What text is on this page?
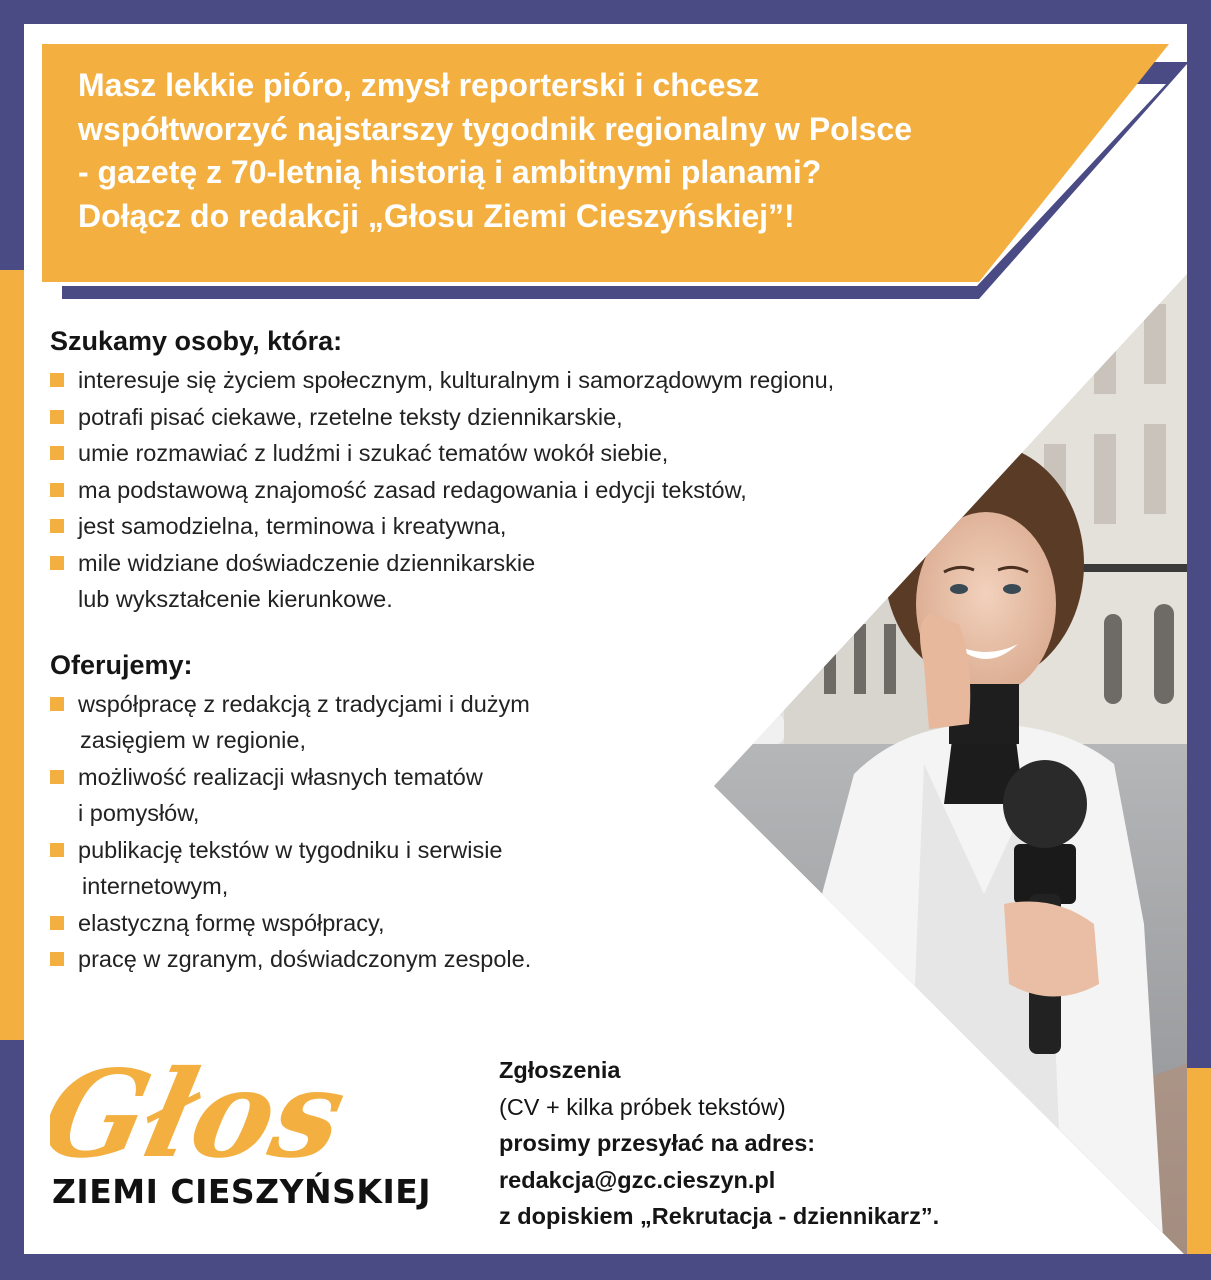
Masz lekkie pióro, zmysł reporterski i chcesz
współtworzyć najstarszy tygodnik regionalny w Polsce
- gazetę z 70-letnią historią i ambitnymi planami?
Dołącz do redakcji „Głosu Ziemi Cieszyńskiej”!
Szukamy osoby, która:
interesuje się życiem społecznym, kulturalnym i samorządowym regionu,
potrafi pisać ciekawe, rzetelne teksty dziennikarskie,
umie rozmawiać z ludźmi i szukać tematów wokół siebie,
ma podstawową znajomość zasad redagowania i edycji tekstów,
jest samodzielna, terminowa i kreatywna,
mile widziane doświadczenie dziennikarskie
lub wykształcenie kierunkowe.
Oferujemy:
współpracę z redakcją z tradycjami i dużym
zasięgiem w regionie,
możliwość realizacji własnych tematów
i pomysłów,
publikację tekstów w tygodniku i serwisie
internetowym,
elastyczną formę współpracy,
pracę w zgranym, doświadczonym zespole.
Głos
ZIEMI CIESZYŃSKIEJ
Zgłoszenia
(CV + kilka próbek tekstów)
prosimy przesyłać na adres:
redakcja@gzc.cieszyn.pl
z dopiskiem „Rekrutacja - dziennikarz”.
